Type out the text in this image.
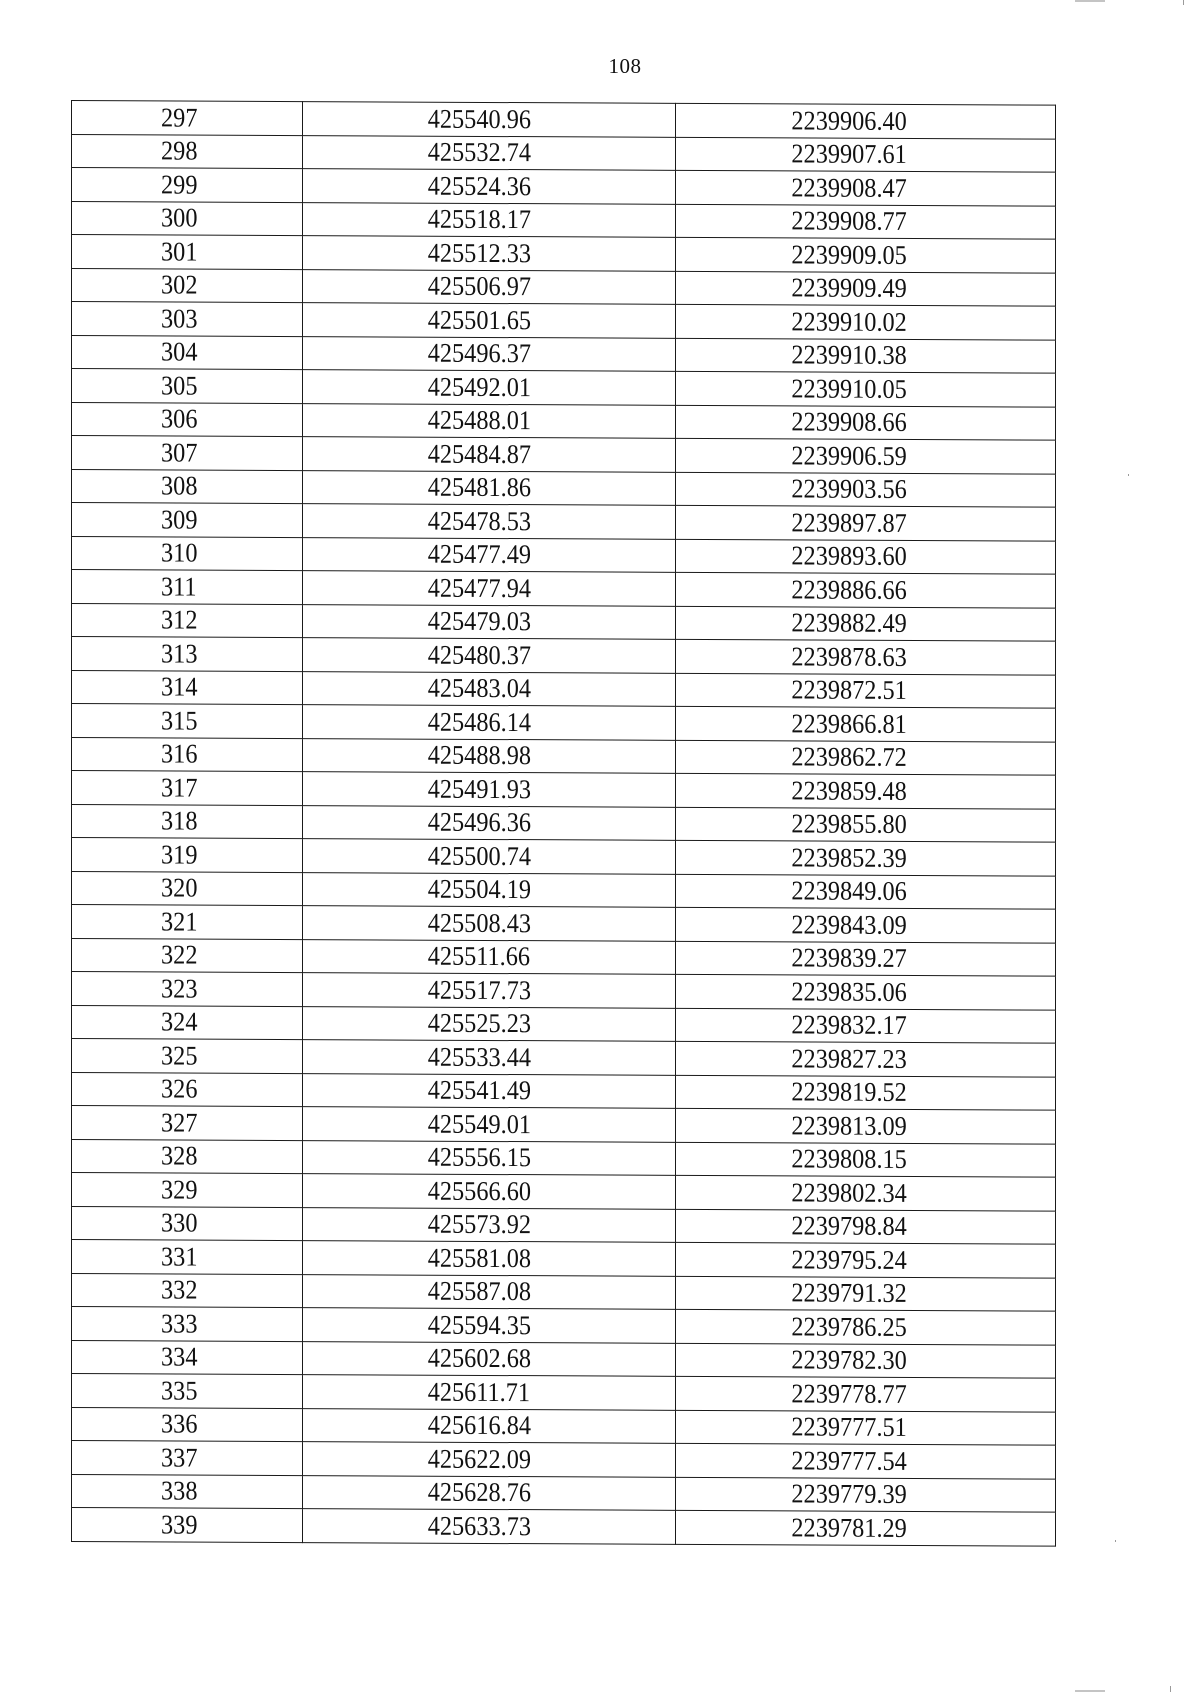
108
297	425540.96	2239906.40
298	425532.74	2239907.61
299	425524.36	2239908.47
300	425518.17	2239908.77
301	425512.33	2239909.05
302	425506.97	2239909.49
303	425501.65	2239910.02
304	425496.37	2239910.38
305	425492.01	2239910.05
306	425488.01	2239908.66
307	425484.87	2239906.59
308	425481.86	2239903.56
309	425478.53	2239897.87
310	425477.49	2239893.60
311	425477.94	2239886.66
312	425479.03	2239882.49
313	425480.37	2239878.63
314	425483.04	2239872.51
315	425486.14	2239866.81
316	425488.98	2239862.72
317	425491.93	2239859.48
318	425496.36	2239855.80
319	425500.74	2239852.39
320	425504.19	2239849.06
321	425508.43	2239843.09
322	425511.66	2239839.27
323	425517.73	2239835.06
324	425525.23	2239832.17
325	425533.44	2239827.23
326	425541.49	2239819.52
327	425549.01	2239813.09
328	425556.15	2239808.15
329	425566.60	2239802.34
330	425573.92	2239798.84
331	425581.08	2239795.24
332	425587.08	2239791.32
333	425594.35	2239786.25
334	425602.68	2239782.30
335	425611.71	2239778.77
336	425616.84	2239777.51
337	425622.09	2239777.54
338	425628.76	2239779.39
339	425633.73	2239781.29
